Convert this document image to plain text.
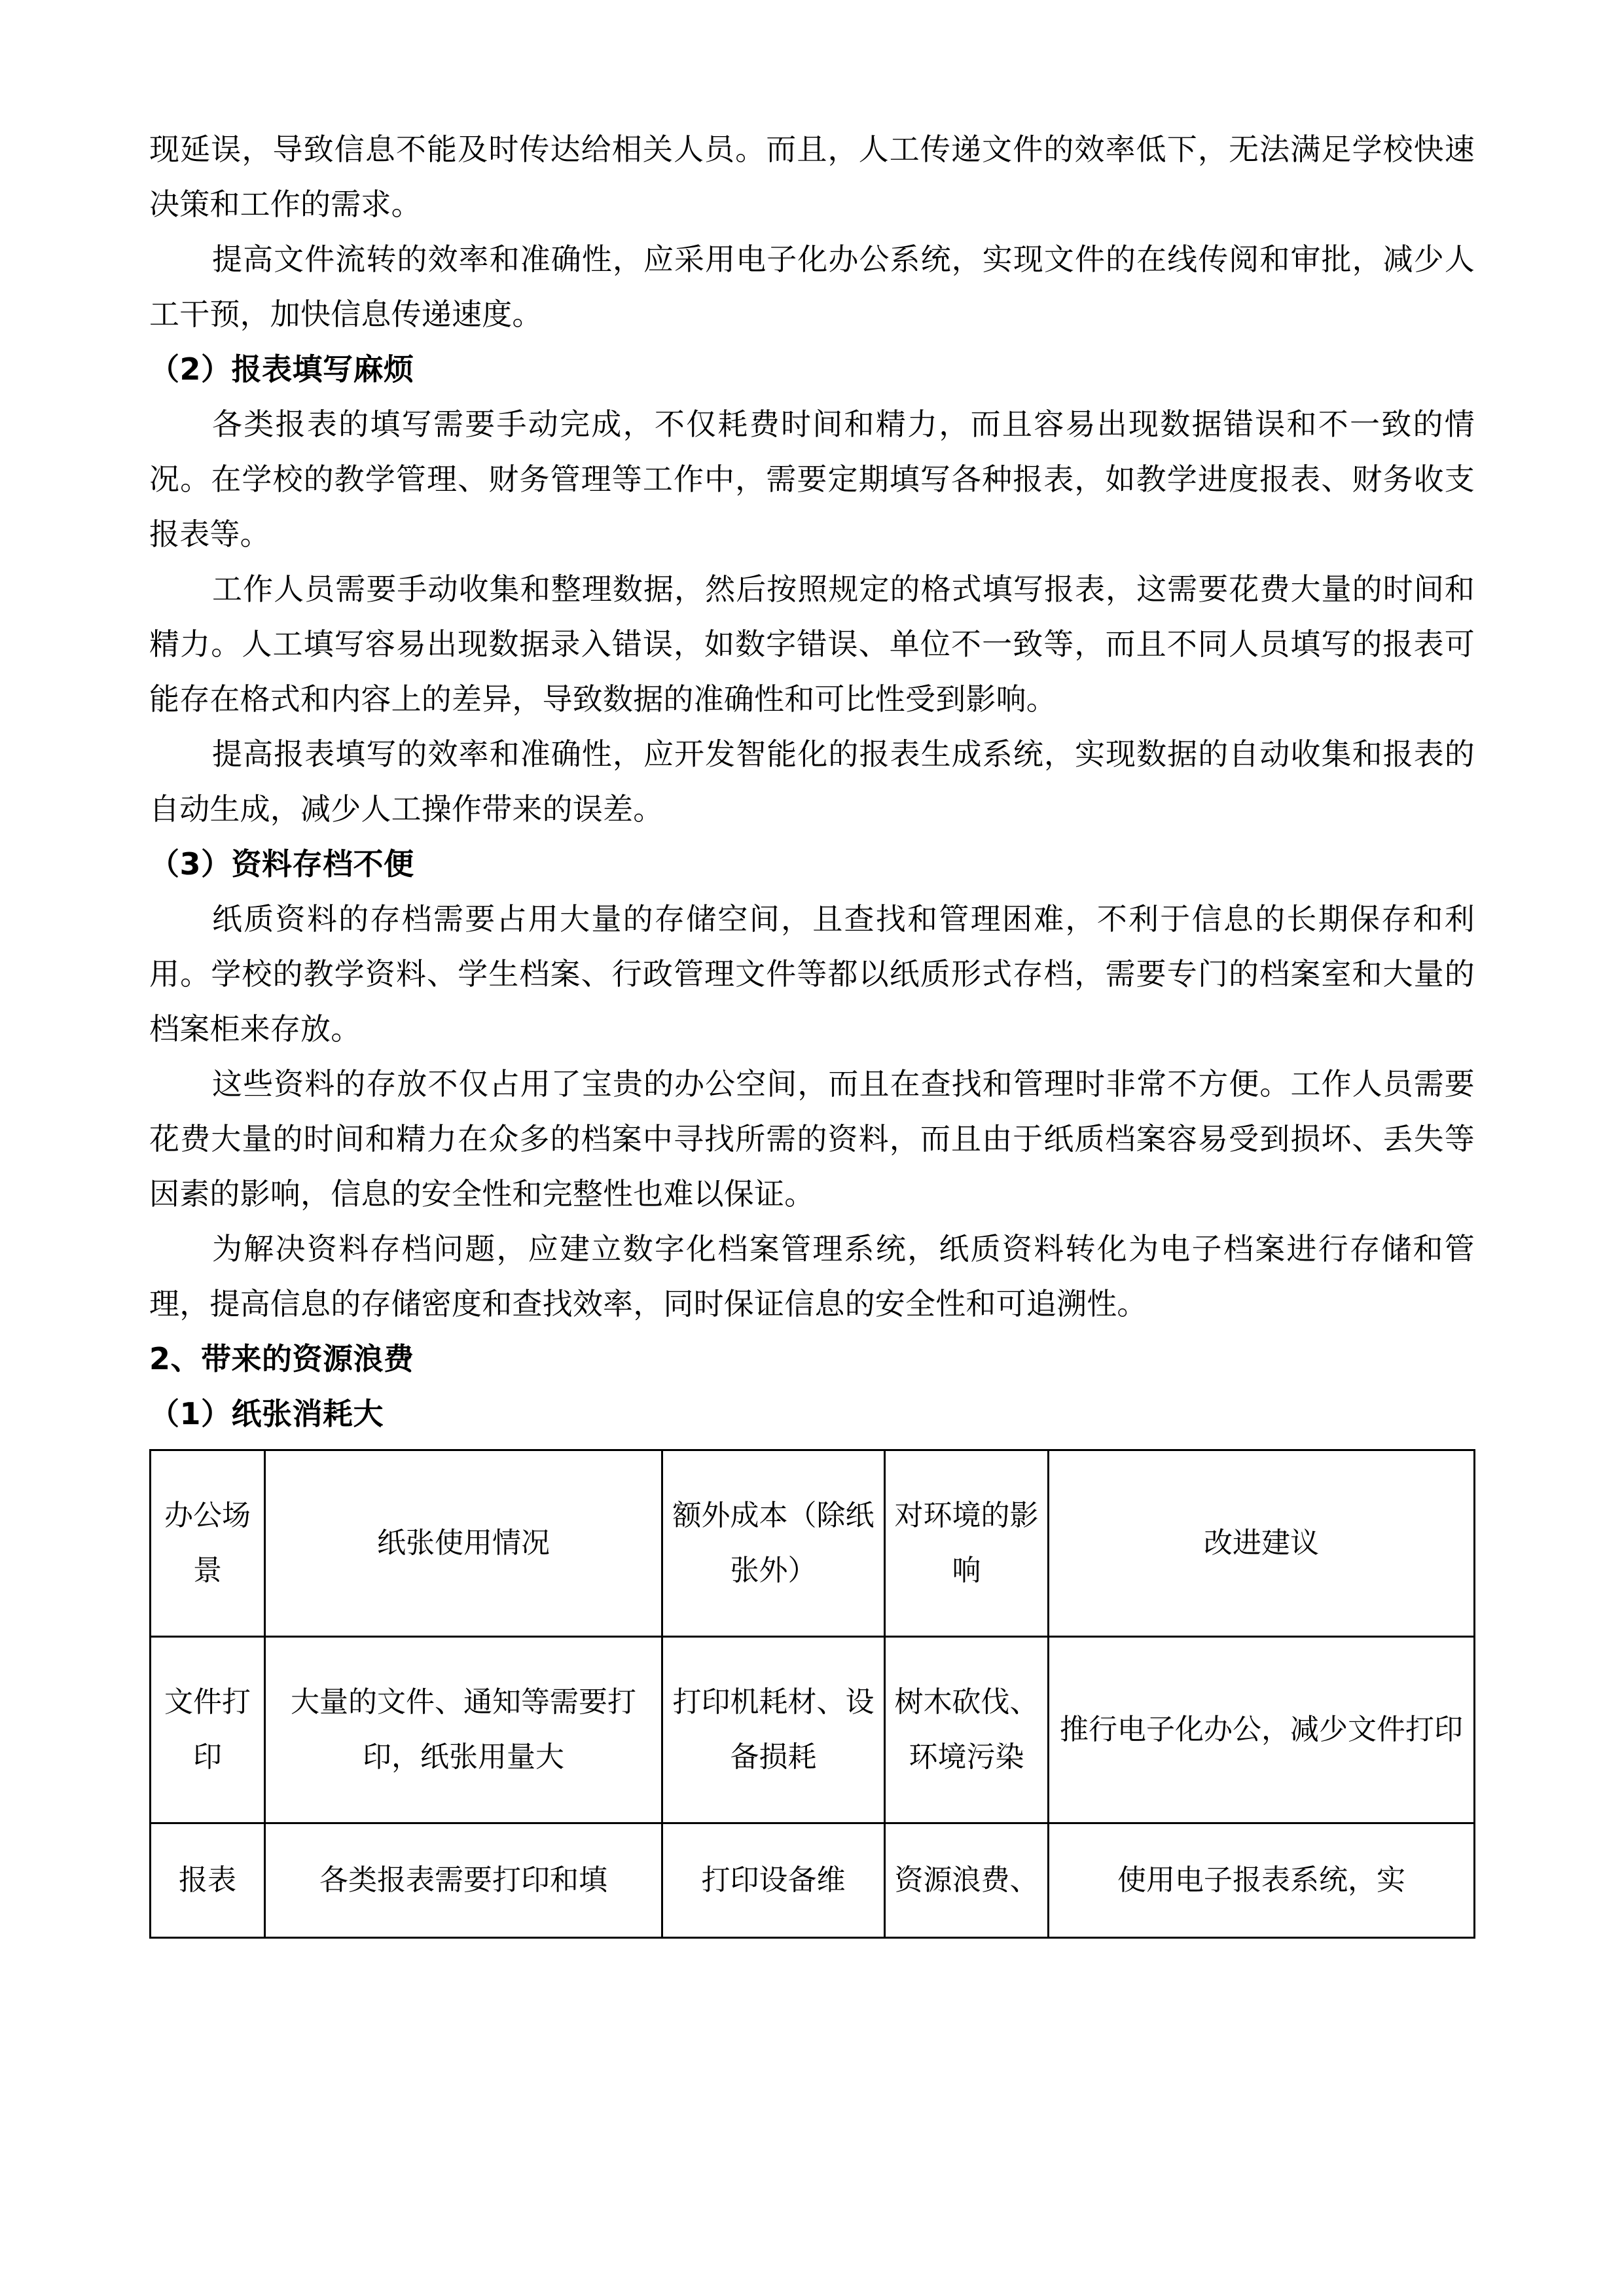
现延误，导致信息不能及时传达给相关人员。而且，人工传递文件的效率低下，无法满足学校快速决策和工作的需求。

提高文件流转的效率和准确性，应采用电子化办公系统，实现文件的在线传阅和审批，减少人工干预，加快信息传递速度。

（2）报表填写麻烦

各类报表的填写需要手动完成，不仅耗费时间和精力，而且容易出现数据错误和不一致的情况。在学校的教学管理、财务管理等工作中，需要定期填写各种报表，如教学进度报表、财务收支报表等。

工作人员需要手动收集和整理数据，然后按照规定的格式填写报表，这需要花费大量的时间和精力。人工填写容易出现数据录入错误，如数字错误、单位不一致等，而且不同人员填写的报表可能存在格式和内容上的差异，导致数据的准确性和可比性受到影响。

提高报表填写的效率和准确性，应开发智能化的报表生成系统，实现数据的自动收集和报表的自动生成，减少人工操作带来的误差。

（3）资料存档不便

纸质资料的存档需要占用大量的存储空间，且查找和管理困难，不利于信息的长期保存和利用。学校的教学资料、学生档案、行政管理文件等都以纸质形式存档，需要专门的档案室和大量的档案柜来存放。

这些资料的存放不仅占用了宝贵的办公空间，而且在查找和管理时非常不方便。工作人员需要花费大量的时间和精力在众多的档案中寻找所需的资料，而且由于纸质档案容易受到损坏、丢失等因素的影响，信息的安全性和完整性也难以保证。

为解决资料存档问题，应建立数字化档案管理系统，纸质资料转化为电子档案进行存储和管理，提高信息的存储密度和查找效率，同时保证信息的安全性和可追溯性。

2、带来的资源浪费
（1）纸张消耗大
办公场景	纸张使用情况	额外成本（除纸张外）	对环境的影响	改进建议
文件打印	大量的文件、通知等需要打印，纸张用量大	打印机耗材、设备损耗	树木砍伐、环境污染	推行电子化办公，减少文件打印
报表	各类报表需要打印和填	打印设备维	资源浪费、	使用电子报表系统，实
